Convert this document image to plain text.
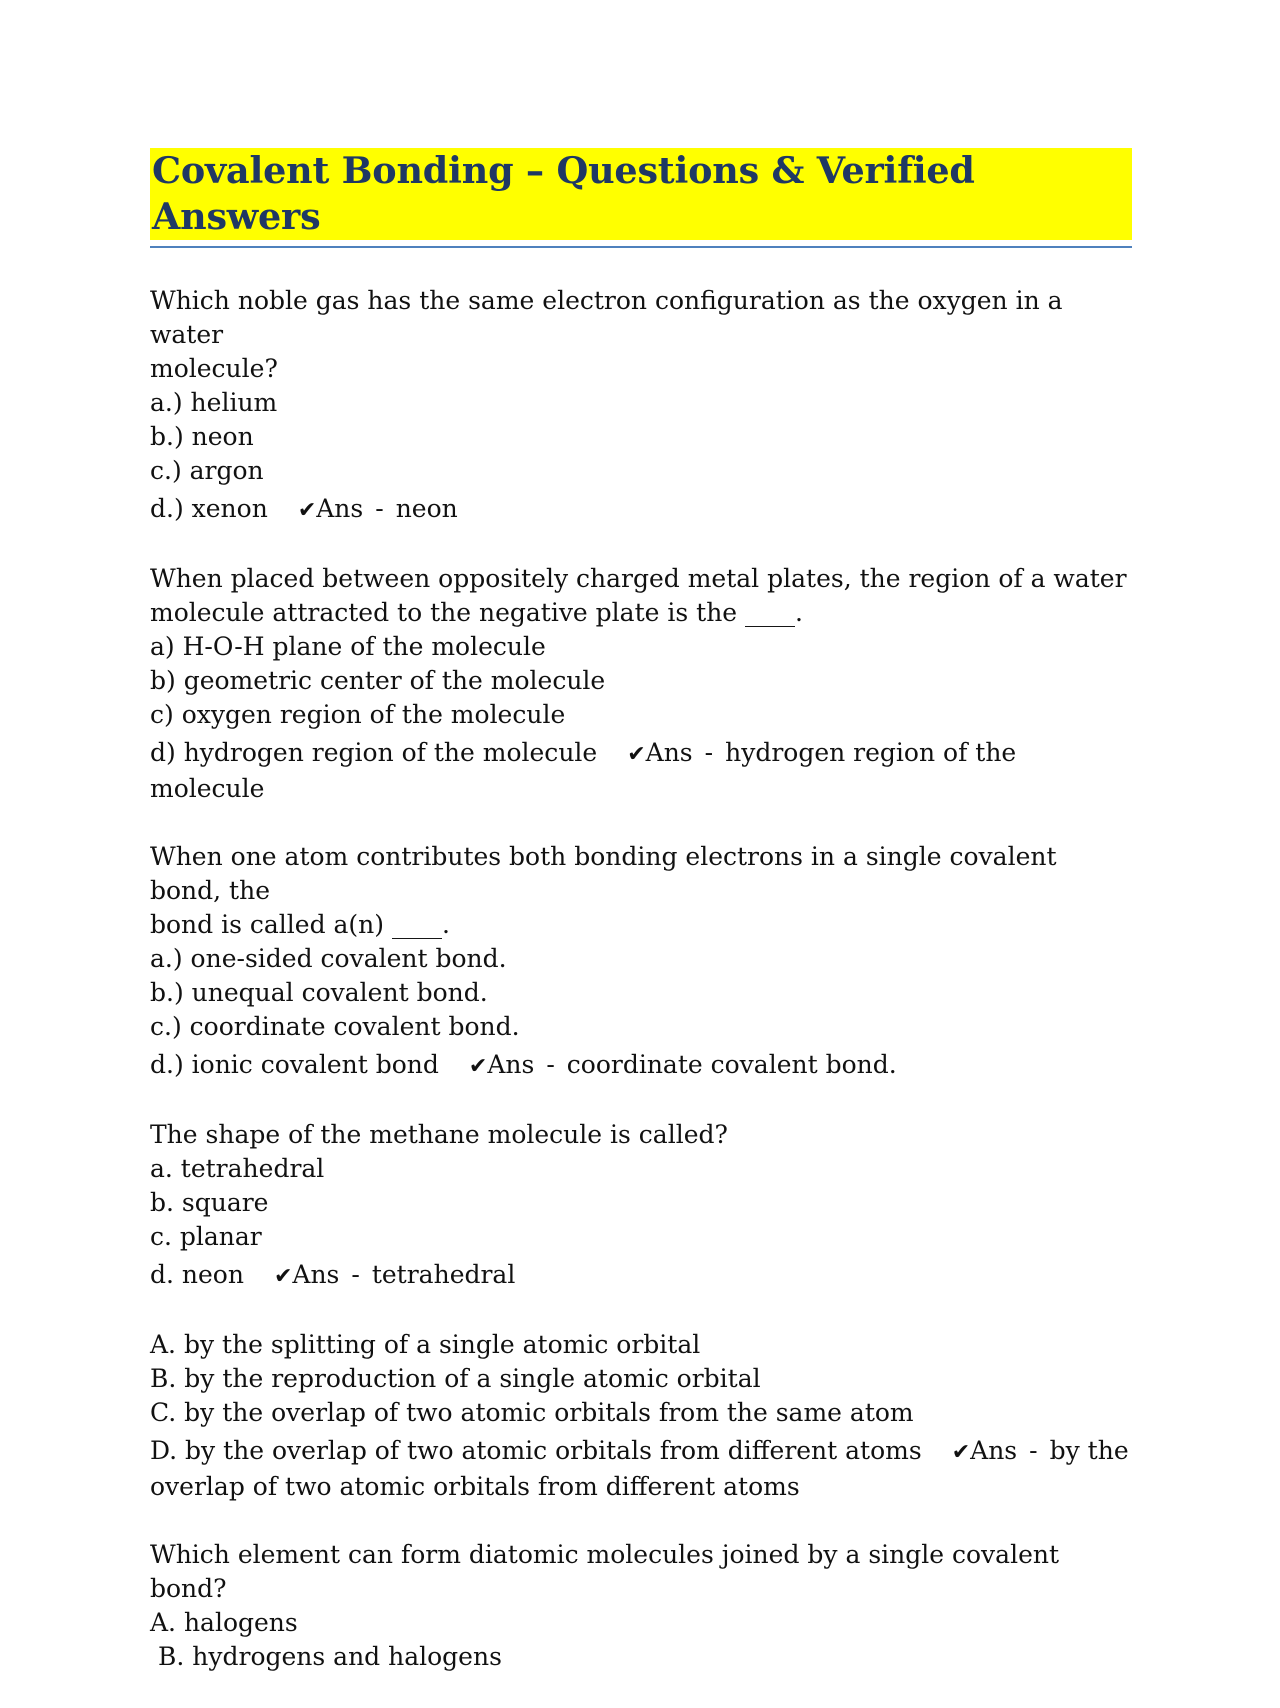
Covalent Bonding – Questions & Verified Answers
Which noble gas has the same electron configuration as the oxygen in a water
molecule?
a.) helium
b.) neon
c.) argon
d.) xenon ✔Ans - neon
When placed between oppositely charged metal plates, the region of a water
molecule attracted to the negative plate is the ____.
a) H-O-H plane of the molecule
b) geometric center of the molecule
c) oxygen region of the molecule
d) hydrogen region of the molecule ✔Ans - hydrogen region of the molecule
When one atom contributes both bonding electrons in a single covalent bond, the
bond is called a(n) ____.
a.) one-sided covalent bond.
b.) unequal covalent bond.
c.) coordinate covalent bond.
d.) ionic covalent bond ✔Ans - coordinate covalent bond.
The shape of the methane molecule is called?
a. tetrahedral
b. square
c. planar
d. neon ✔Ans - tetrahedral
A. by the splitting of a single atomic orbital
B. by the reproduction of a single atomic orbital
C. by the overlap of two atomic orbitals from the same atom
D. by the overlap of two atomic orbitals from different atoms ✔Ans - by the
overlap of two atomic orbitals from different atoms
Which element can form diatomic molecules joined by a single covalent bond?
A. halogens
B. hydrogens and halogens
